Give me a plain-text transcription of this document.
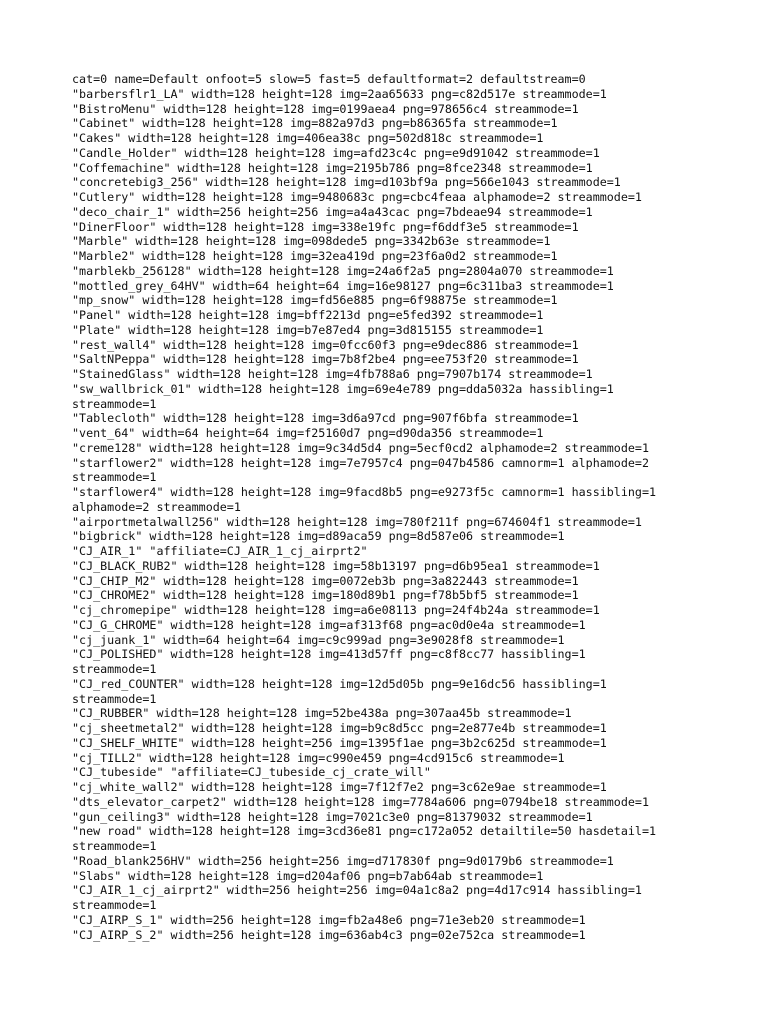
cat=0 name=Default onfoot=5 slow=5 fast=5 defaultformat=2 defaultstream=0
"barbersflr1_LA" width=128 height=128 img=2aa65633 png=c82d517e streammode=1
"BistroMenu" width=128 height=128 img=0199aea4 png=978656c4 streammode=1
"Cabinet" width=128 height=128 img=882a97d3 png=b86365fa streammode=1
"Cakes" width=128 height=128 img=406ea38c png=502d818c streammode=1
"Candle_Holder" width=128 height=128 img=afd23c4c png=e9d91042 streammode=1
"Coffemachine" width=128 height=128 img=2195b786 png=8fce2348 streammode=1
"concretebig3_256" width=128 height=128 img=d103bf9a png=566e1043 streammode=1
"Cutlery" width=128 height=128 img=9480683c png=cbc4feaa alphamode=2 streammode=1
"deco_chair_1" width=256 height=256 img=a4a43cac png=7bdeae94 streammode=1
"DinerFloor" width=128 height=128 img=338e19fc png=f6ddf3e5 streammode=1
"Marble" width=128 height=128 img=098dede5 png=3342b63e streammode=1
"Marble2" width=128 height=128 img=32ea419d png=23f6a0d2 streammode=1
"marblekb_256128" width=128 height=128 img=24a6f2a5 png=2804a070 streammode=1
"mottled_grey_64HV" width=64 height=64 img=16e98127 png=6c311ba3 streammode=1
"mp_snow" width=128 height=128 img=fd56e885 png=6f98875e streammode=1
"Panel" width=128 height=128 img=bff2213d png=e5fed392 streammode=1
"Plate" width=128 height=128 img=b7e87ed4 png=3d815155 streammode=1
"rest_wall4" width=128 height=128 img=0fcc60f3 png=e9dec886 streammode=1
"SaltNPeppa" width=128 height=128 img=7b8f2be4 png=ee753f20 streammode=1
"StainedGlass" width=128 height=128 img=4fb788a6 png=7907b174 streammode=1
"sw_wallbrick_01" width=128 height=128 img=69e4e789 png=dda5032a hassibling=1
streammode=1
"Tablecloth" width=128 height=128 img=3d6a97cd png=907f6bfa streammode=1
"vent_64" width=64 height=64 img=f25160d7 png=d90da356 streammode=1
"creme128" width=128 height=128 img=9c34d5d4 png=5ecf0cd2 alphamode=2 streammode=1
"starflower2" width=128 height=128 img=7e7957c4 png=047b4586 camnorm=1 alphamode=2
streammode=1
"starflower4" width=128 height=128 img=9facd8b5 png=e9273f5c camnorm=1 hassibling=1
alphamode=2 streammode=1
"airportmetalwall256" width=128 height=128 img=780f211f png=674604f1 streammode=1
"bigbrick" width=128 height=128 img=d89aca59 png=8d587e06 streammode=1
"CJ_AIR_1" "affiliate=CJ_AIR_1_cj_airprt2"
"CJ_BLACK_RUB2" width=128 height=128 img=58b13197 png=d6b95ea1 streammode=1
"CJ_CHIP_M2" width=128 height=128 img=0072eb3b png=3a822443 streammode=1
"CJ_CHROME2" width=128 height=128 img=180d89b1 png=f78b5bf5 streammode=1
"cj_chromepipe" width=128 height=128 img=a6e08113 png=24f4b24a streammode=1
"CJ_G_CHROME" width=128 height=128 img=af313f68 png=ac0d0e4a streammode=1
"cj_juank_1" width=64 height=64 img=c9c999ad png=3e9028f8 streammode=1
"CJ_POLISHED" width=128 height=128 img=413d57ff png=c8f8cc77 hassibling=1
streammode=1
"CJ_red_COUNTER" width=128 height=128 img=12d5d05b png=9e16dc56 hassibling=1
streammode=1
"CJ_RUBBER" width=128 height=128 img=52be438a png=307aa45b streammode=1
"cj_sheetmetal2" width=128 height=128 img=b9c8d5cc png=2e877e4b streammode=1
"CJ_SHELF_WHITE" width=128 height=256 img=1395f1ae png=3b2c625d streammode=1
"cj_TILL2" width=128 height=128 img=c990e459 png=4cd915c6 streammode=1
"CJ_tubeside" "affiliate=CJ_tubeside_cj_crate_will"
"cj_white_wall2" width=128 height=128 img=7f12f7e2 png=3c62e9ae streammode=1
"dts_elevator_carpet2" width=128 height=128 img=7784a606 png=0794be18 streammode=1
"gun_ceiling3" width=128 height=128 img=7021c3e0 png=81379032 streammode=1
"new road" width=128 height=128 img=3cd36e81 png=c172a052 detailtile=50 hasdetail=1
streammode=1
"Road_blank256HV" width=256 height=256 img=d717830f png=9d0179b6 streammode=1
"Slabs" width=128 height=128 img=d204af06 png=b7ab64ab streammode=1
"CJ_AIR_1_cj_airprt2" width=256 height=256 img=04a1c8a2 png=4d17c914 hassibling=1
streammode=1
"CJ_AIRP_S_1" width=256 height=128 img=fb2a48e6 png=71e3eb20 streammode=1
"CJ_AIRP_S_2" width=256 height=128 img=636ab4c3 png=02e752ca streammode=1
